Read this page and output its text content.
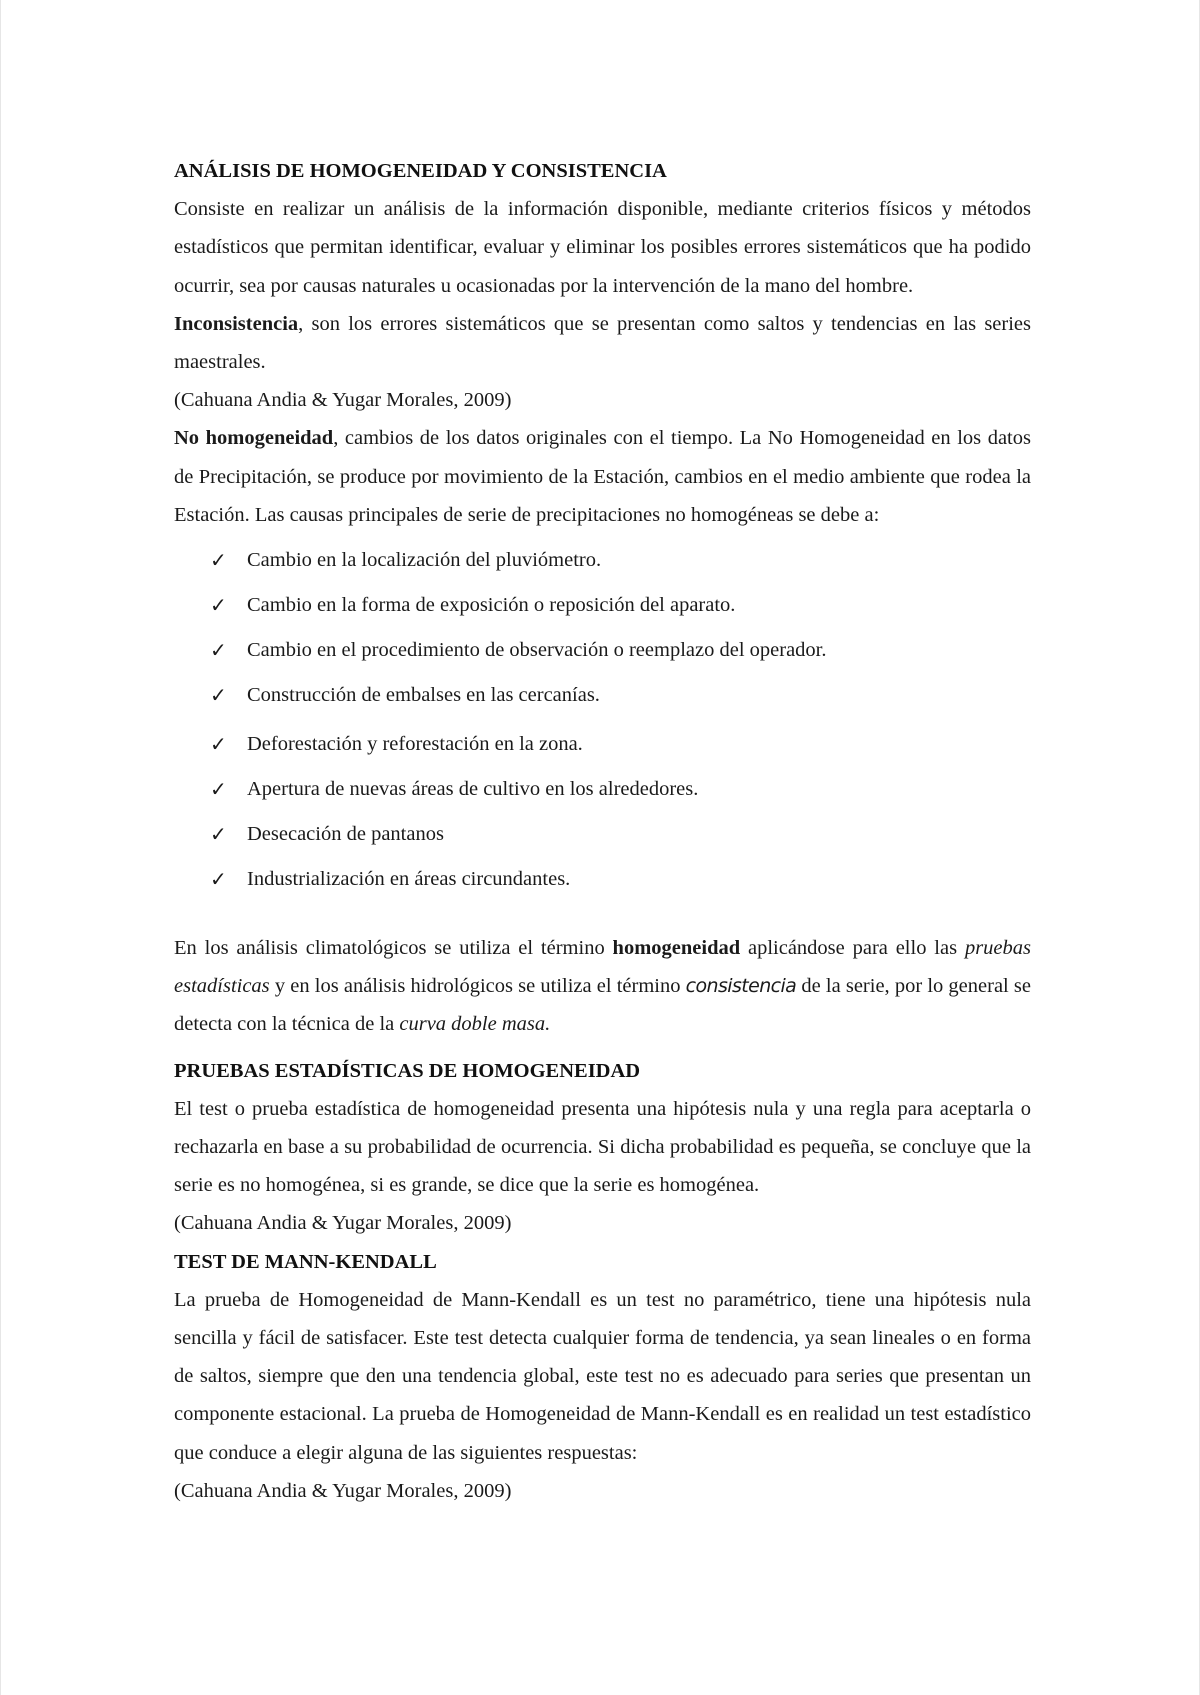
ANÁLISIS DE HOMOGENEIDAD Y CONSISTENCIA

Consiste en realizar un análisis de la información disponible, mediante criterios físicos y métodos estadísticos que permitan identificar, evaluar y eliminar los posibles errores sistemáticos que ha podido ocurrir, sea por causas naturales u ocasionadas por la intervención de la mano del hombre.

Inconsistencia, son los errores sistemáticos que se presentan como saltos y tendencias en las series maestrales.

(Cahuana Andia & Yugar Morales, 2009)

No homogeneidad, cambios de los datos originales con el tiempo. La No Homogeneidad en los datos de Precipitación, se produce por movimiento de la Estación, cambios en el medio ambiente que rodea la Estación. Las causas principales de serie de precipitaciones no homogéneas se debe a:

✓ Cambio en la localización del pluviómetro.
✓ Cambio en la forma de exposición o reposición del aparato.
✓ Cambio en el procedimiento de observación o reemplazo del operador.
✓ Construcción de embalses en las cercanías.
✓ Deforestación y reforestación en la zona.
✓ Apertura de nuevas áreas de cultivo en los alrededores.
✓ Desecación de pantanos
✓ Industrialización en áreas circundantes.

En los análisis climatológicos se utiliza el término homogeneidad aplicándose para ello las pruebas estadísticas y en los análisis hidrológicos se utiliza el término consistencia de la serie, por lo general se detecta con la técnica de la curva doble masa.

PRUEBAS ESTADÍSTICAS DE HOMOGENEIDAD

El test o prueba estadística de homogeneidad presenta una hipótesis nula y una regla para aceptarla o rechazarla en base a su probabilidad de ocurrencia. Si dicha probabilidad es pequeña, se concluye que la serie es no homogénea, si es grande, se dice que la serie es homogénea.

(Cahuana Andia & Yugar Morales, 2009)

TEST DE MANN-KENDALL

La prueba de Homogeneidad de Mann-Kendall es un test no paramétrico, tiene una hipótesis nula sencilla y fácil de satisfacer. Este test detecta cualquier forma de tendencia, ya sean lineales o en forma de saltos, siempre que den una tendencia global, este test no es adecuado para series que presentan un componente estacional. La prueba de Homogeneidad de Mann-Kendall es en realidad un test estadístico que conduce a elegir alguna de las siguientes respuestas:

(Cahuana Andia & Yugar Morales, 2009)
